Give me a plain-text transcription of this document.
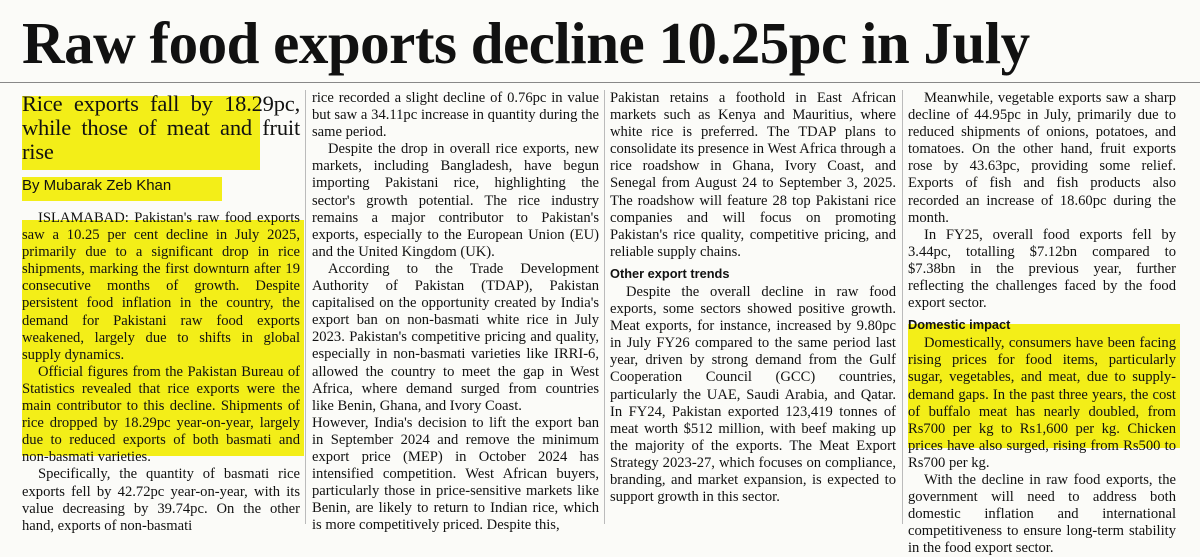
Raw food exports decline 10.25pc in July
Rice exports fall by 18.29pc, while those of meat and fruit rise
By Mubarak Zeb Khan

ISLAMABAD: Pakistan's raw food exports saw a 10.25 per cent decline in July 2025, primarily due to a significant drop in rice shipments, marking the first downturn after 19 consecutive months of growth. Despite persistent food inflation in the country, the demand for Pakistani raw food exports weakened, largely due to shifts in global supply dynamics.

Official figures from the Pakistan Bureau of Statistics revealed that rice exports were the main contributor to this decline. Shipments of rice dropped by 18.29pc year-on-year, largely due to reduced exports of both basmati and non-basmati varieties.

Specifically, the quantity of basmati rice exports fell by 42.72pc year-on-year, with its value decreasing by 39.74pc. On the other hand, exports of non-basmati

rice recorded a slight decline of 0.76pc in value but saw a 34.11pc increase in quantity during the same period.

Despite the drop in overall rice exports, new markets, including Bangladesh, have begun importing Pakistani rice, highlighting the sector's growth potential. The rice industry remains a major contributor to Pakistan's exports, especially to the European Union (EU) and the United Kingdom (UK).

According to the Trade Development Authority of Pakistan (TDAP), Pakistan capitalised on the opportunity created by India's export ban on non-basmati white rice in July 2023. Pakistan's competitive pricing and quality, especially in non-basmati varieties like IRRI-6, allowed the country to meet the gap in West Africa, where demand surged from countries like Benin, Ghana, and Ivory Coast.

However, India's decision to lift the export ban in September 2024 and remove the minimum export price (MEP) in October 2024 has intensified competition. West African buyers, particularly those in price-sensitive markets like Benin, are likely to return to Indian rice, which is more competitively priced. Despite this,

Pakistan retains a foothold in East African markets such as Kenya and Mauritius, where white rice is preferred. The TDAP plans to consolidate its presence in West Africa through a rice roadshow in Ghana, Ivory Coast, and Senegal from August 24 to September 3, 2025. The roadshow will feature 28 top Pakistani rice companies and will focus on promoting Pakistan's rice quality, competitive pricing, and reliable supply chains.

Other export trends

Despite the overall decline in raw food exports, some sectors showed positive growth. Meat exports, for instance, increased by 9.80pc in July FY26 compared to the same period last year, driven by strong demand from the Gulf Cooperation Council (GCC) countries, particularly the UAE, Saudi Arabia, and Qatar. In FY24, Pakistan exported 123,419 tonnes of meat worth $512 million, with beef making up the majority of the exports. The Meat Export Strategy 2023-27, which focuses on compliance, branding, and market expansion, is expected to support growth in this sector.

Meanwhile, vegetable exports saw a sharp decline of 44.95pc in July, primarily due to reduced shipments of onions, potatoes, and tomatoes. On the other hand, fruit exports rose by 43.63pc, providing some relief. Exports of fish and fish products also recorded an increase of 18.60pc during the month.

In FY25, overall food exports fell by 3.44pc, totalling $7.12bn compared to $7.38bn in the previous year, further reflecting the challenges faced by the food export sector.

Domestic impact

Domestically, consumers have been facing rising prices for food items, particularly sugar, vegetables, and meat, due to supply-demand gaps. In the past three years, the cost of buffalo meat has nearly doubled, from Rs700 per kg to Rs1,600 per kg. Chicken prices have also surged, rising from Rs500 to Rs700 per kg.

With the decline in raw food exports, the government will need to address both domestic inflation and international competitiveness to ensure long-term stability in the food export sector.
